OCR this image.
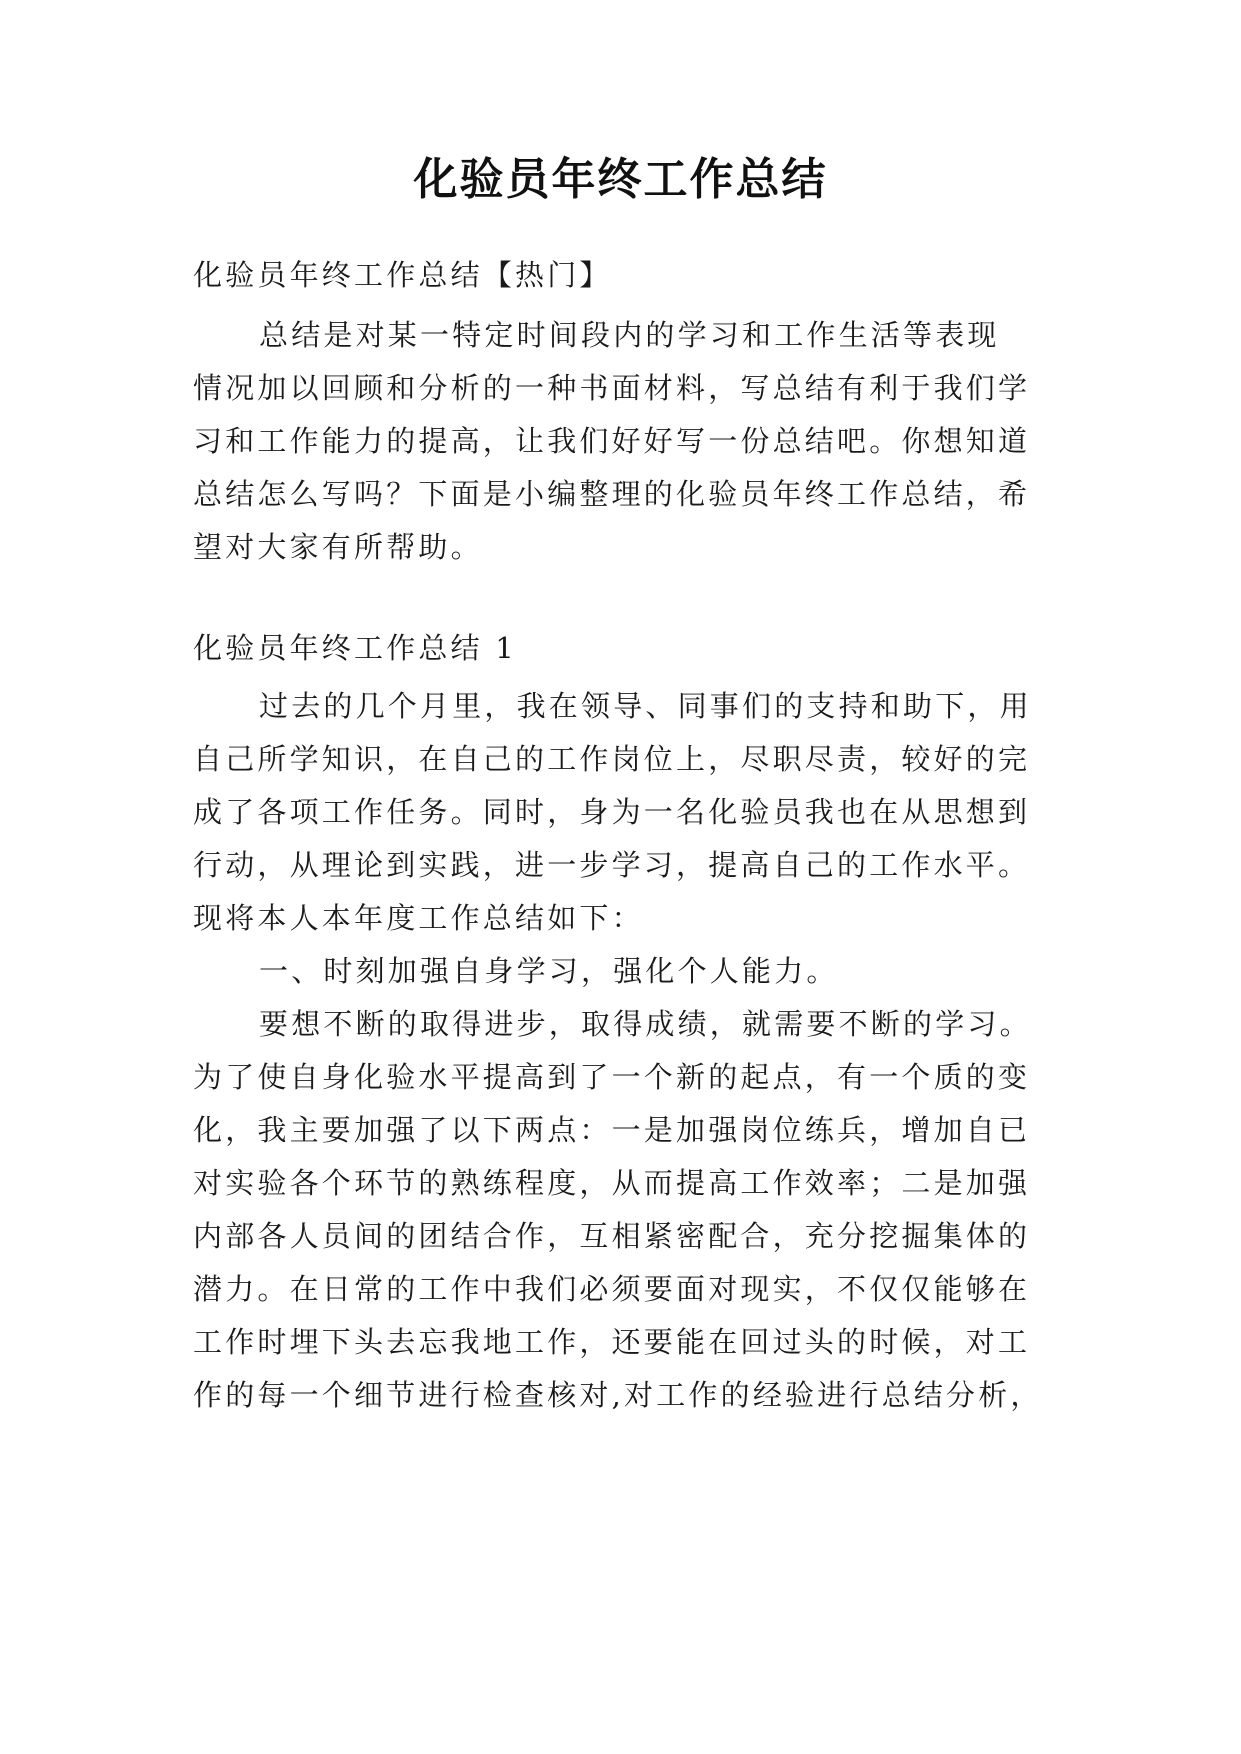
化验员年终工作总结
化验员年终工作总结【热门】
总结是对某一特定时间段内的学习和工作生活等表现
情况加以回顾和分析的一种书面材料，写总结有利于我们学
习和工作能力的提高，让我们好好写一份总结吧。你想知道
总结怎么写吗？下面是小编整理的化验员年终工作总结，希
望对大家有所帮助。
化验员年终工作总结 1
过去的几个月里，我在领导、同事们的支持和助下，用
自己所学知识，在自己的工作岗位上，尽职尽责，较好的完
成了各项工作任务。同时，身为一名化验员我也在从思想到
行动，从理论到实践，进一步学习，提高自己的工作水平。
现将本人本年度工作总结如下：
一、时刻加强自身学习，强化个人能力。
要想不断的取得进步，取得成绩，就需要不断的学习。
为了使自身化验水平提高到了一个新的起点，有一个质的变
化，我主要加强了以下两点：一是加强岗位练兵，增加自已
对实验各个环节的熟练程度，从而提高工作效率；二是加强
内部各人员间的团结合作，互相紧密配合，充分挖掘集体的
潜力。在日常的工作中我们必须要面对现实，不仅仅能够在
工作时埋下头去忘我地工作，还要能在回过头的时候，对工
作的每一个细节进行检查核对,对工作的经验进行总结分析，
